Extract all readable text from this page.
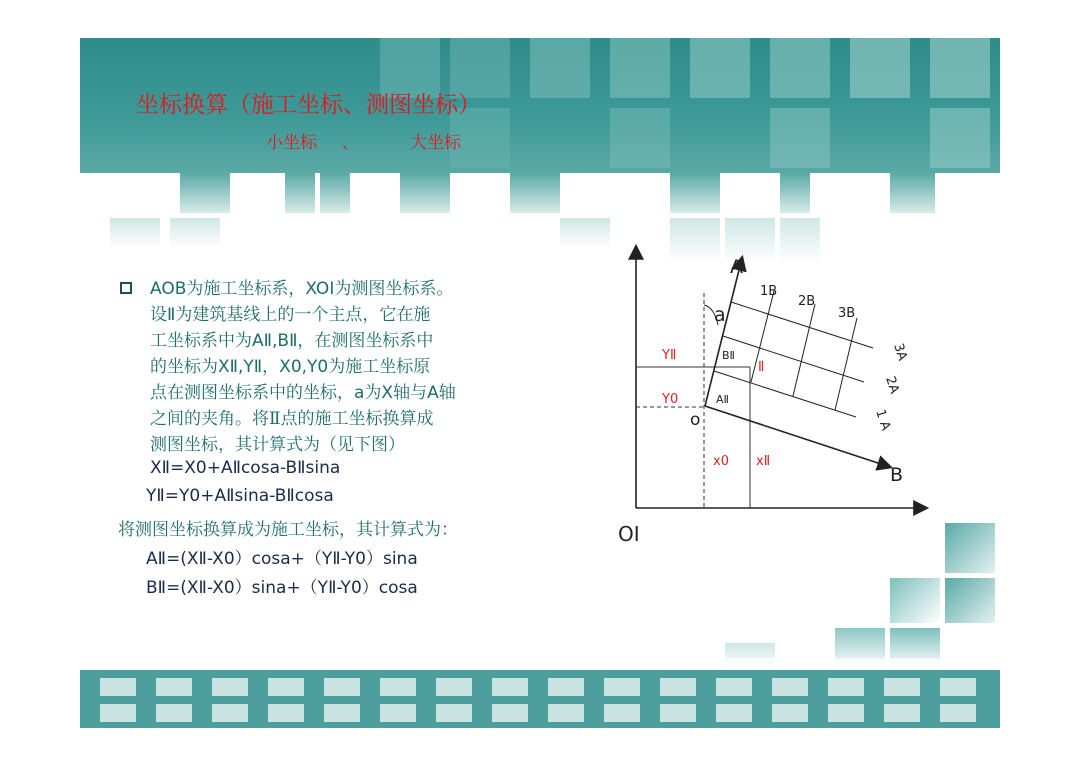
坐标换算（施工坐标、测图坐标）
小坐标 、	大坐标
AOB为施工坐标系，XOI为测图坐标系。
设Ⅱ为建筑基线上的一个主点，它在施
工坐标系中为AⅡ,BⅡ，在测图坐标系中
的坐标为XⅡ,YⅡ，X0,Y0为施工坐标原
点在测图坐标系中的坐标，a为X轴与A轴
之间的夹角。将Ⅱ点的施工坐标换算成
测图坐标，其计算式为（见下图）
XⅡ=X0+AⅡcosa-BⅡsina
YⅡ=Y0+AⅡsina-BⅡcosa
将测图坐标换算成为施工坐标，其计算式为：
AⅡ=(XⅡ-X0）cosa+（YⅡ-Y0）sina
BⅡ=(XⅡ-X0）sina+（YⅡ-Y0）cosa
A
a
1B
2B
3B
3A
2A
1 A
BⅡ
AⅡ
Ⅱ
YⅡ
Y0
o
x0 xⅡ
B
OⅠ
